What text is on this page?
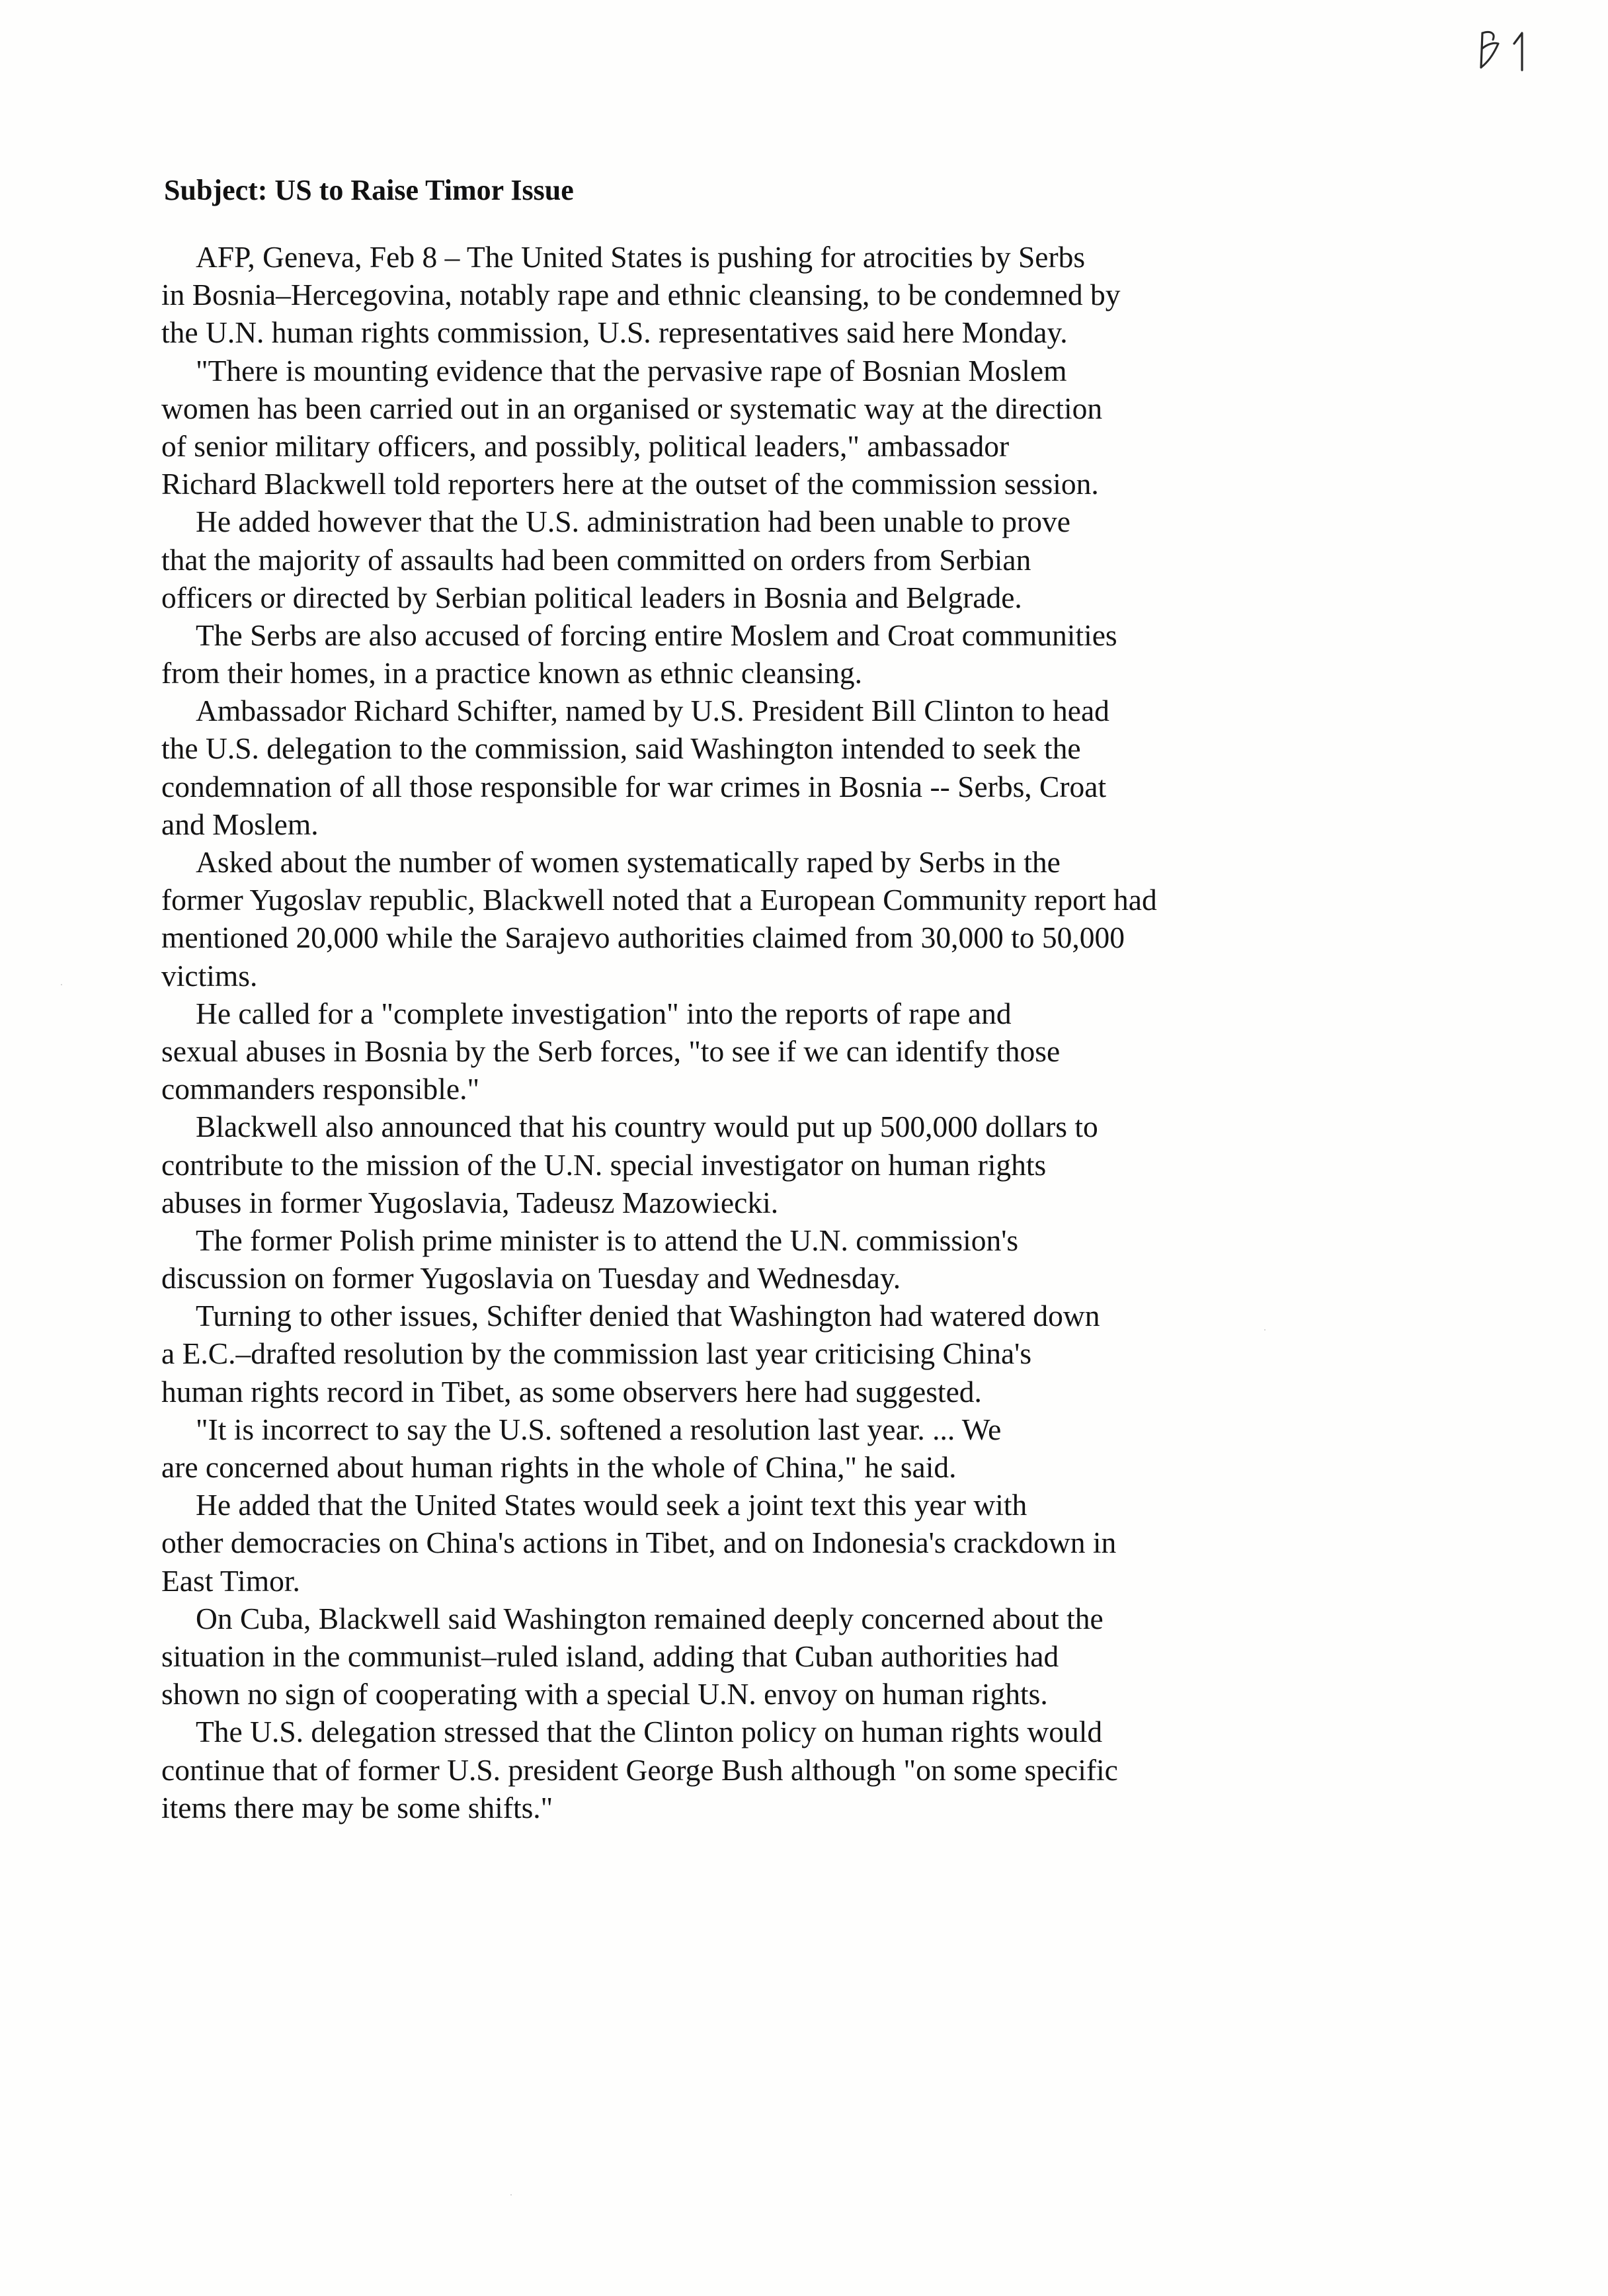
Subject: US to Raise Timor Issue
AFP, Geneva, Feb 8 – The United States is pushing for atrocities by Serbs
in Bosnia–Hercegovina, notably rape and ethnic cleansing, to be condemned by
the U.N. human rights commission, U.S. representatives said here Monday.
"There is mounting evidence that the pervasive rape of Bosnian Moslem
women has been carried out in an organised or systematic way at the direction
of senior military officers, and possibly, political leaders," ambassador
Richard Blackwell told reporters here at the outset of the commission session.
He added however that the U.S. administration had been unable to prove
that the majority of assaults had been committed on orders from Serbian
officers or directed by Serbian political leaders in Bosnia and Belgrade.
The Serbs are also accused of forcing entire Moslem and Croat communities
from their homes, in a practice known as ethnic cleansing.
Ambassador Richard Schifter, named by U.S. President Bill Clinton to head
the U.S. delegation to the commission, said Washington intended to seek the
condemnation of all those responsible for war crimes in Bosnia -- Serbs, Croat
and Moslem.
Asked about the number of women systematically raped by Serbs in the
former Yugoslav republic, Blackwell noted that a European Community report had
mentioned 20,000 while the Sarajevo authorities claimed from 30,000 to 50,000
victims.
He called for a "complete investigation" into the reports of rape and
sexual abuses in Bosnia by the Serb forces, "to see if we can identify those
commanders responsible."
Blackwell also announced that his country would put up 500,000 dollars to
contribute to the mission of the U.N. special investigator on human rights
abuses in former Yugoslavia, Tadeusz Mazowiecki.
The former Polish prime minister is to attend the U.N. commission's
discussion on former Yugoslavia on Tuesday and Wednesday.
Turning to other issues, Schifter denied that Washington had watered down
a E.C.–drafted resolution by the commission last year criticising China's
human rights record in Tibet, as some observers here had suggested.
"It is incorrect to say the U.S. softened a resolution last year. ... We
are concerned about human rights in the whole of China," he said.
He added that the United States would seek a joint text this year with
other democracies on China's actions in Tibet, and on Indonesia's crackdown in
East Timor.
On Cuba, Blackwell said Washington remained deeply concerned about the
situation in the communist–ruled island, adding that Cuban authorities had
shown no sign of cooperating with a special U.N. envoy on human rights.
The U.S. delegation stressed that the Clinton policy on human rights would
continue that of former U.S. president George Bush although "on some specific
items there may be some shifts."
